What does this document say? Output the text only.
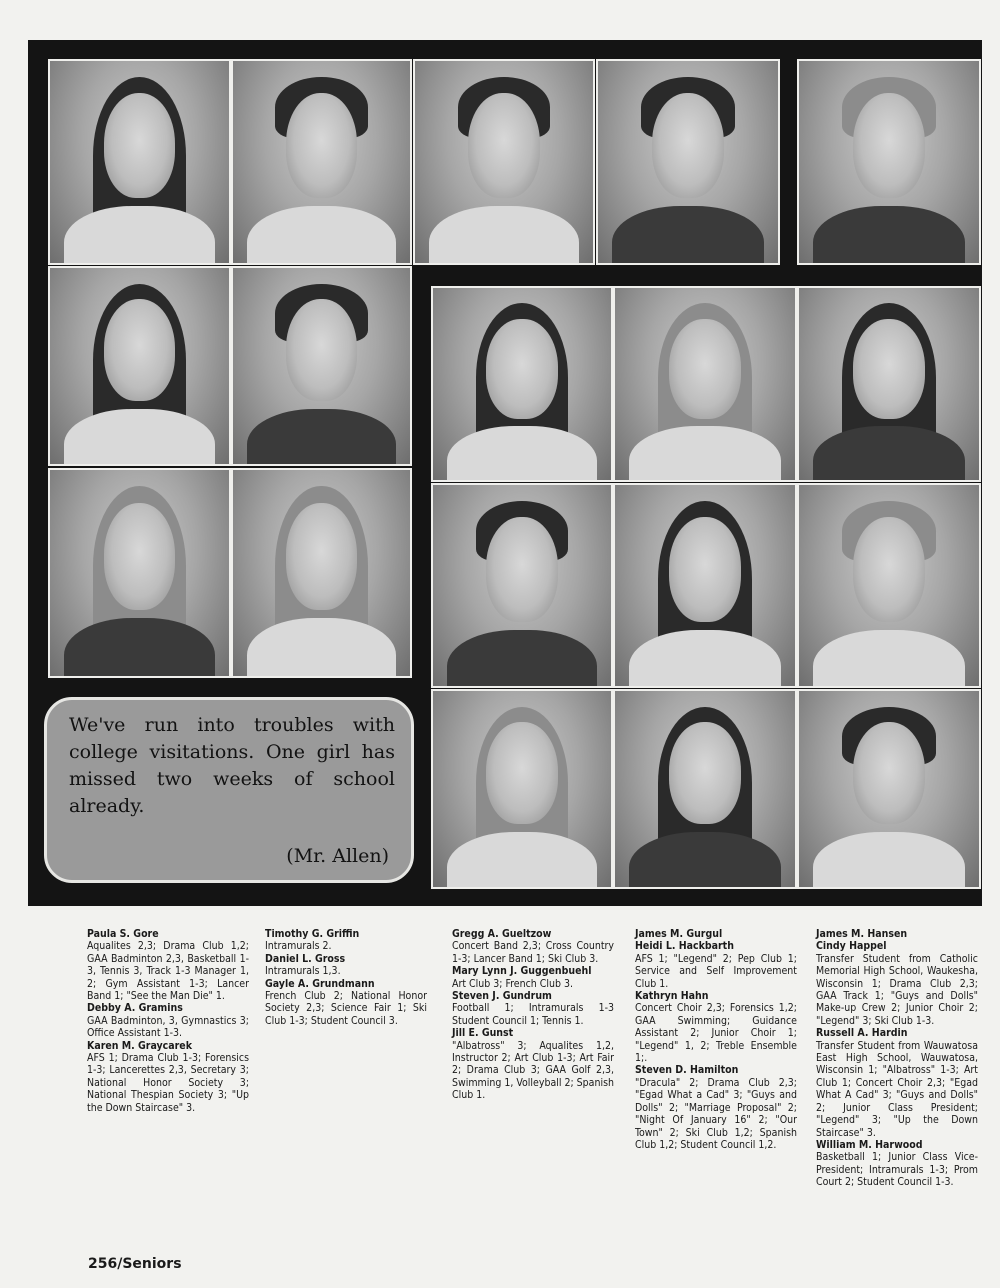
We've run into troubles with college visitations. One girl has missed two weeks of school already.
(Mr. Allen)
Paula S. Gore
Aqualites 2,3; Drama Club 1,2; GAA Badminton 2,3, Basketball 1-3, Tennis 3, Track 1-3 Manager 1, 2; Gym Assistant 1-3; Lancer Band 1; "See the Man Die" 1.
Debby A. Gramins
GAA Badminton, 3, Gymnastics 3; Office Assistant 1-3.
Karen M. Graycarek
AFS 1; Drama Club 1-3; Forensics 1-3; Lancerettes 2,3, Secretary 3; National Honor Society 3; National Thespian Society 3; "Up the Down Staircase" 3.
Timothy G. Griffin
Intramurals 2.
Daniel L. Gross
Intramurals 1,3.
Gayle A. Grundmann
French Club 2; National Honor Society 2,3; Science Fair 1; Ski Club 1-3; Student Council 3.
Gregg A. Gueltzow
Concert Band 2,3; Cross Country 1-3; Lancer Band 1; Ski Club 3.
Mary Lynn J. Guggenbuehl
Art Club 3; French Club 3.
Steven J. Gundrum
Football 1; Intramurals 1-3 Student Council 1; Tennis 1.
Jill E. Gunst
"Albatross" 3; Aqualites 1,2, Instructor 2; Art Club 1-3; Art Fair 2; Drama Club 3; GAA Golf 2,3, Swimming 1, Volleyball 2; Spanish Club 1.
James M. Gurgul
Heidi L. Hackbarth
AFS 1; "Legend" 2; Pep Club 1; Service and Self Improvement Club 1.
Kathryn Hahn
Concert Choir 2,3; Forensics 1,2; GAA Swimming; Guidance Assistant 2; Junior Choir 1; "Legend" 1, 2; Treble Ensemble 1;.
Steven D. Hamilton
"Dracula" 2; Drama Club 2,3; "Egad What a Cad" 3; "Guys and Dolls" 2; "Marriage Proposal" 2; "Night Of January 16" 2; "Our Town" 2; Ski Club 1,2; Spanish Club 1,2; Student Council 1,2.
James M. Hansen
Cindy Happel
Transfer Student from Catholic Memorial High School, Waukesha, Wisconsin 1; Drama Club 2,3; GAA Track 1; "Guys and Dolls" Make-up Crew 2; Junior Choir 2; "Legend" 3; Ski Club 1-3.
Russell A. Hardin
Transfer Student from Wauwatosa East High School, Wauwatosa, Wisconsin 1; "Albatross" 1-3; Art Club 1; Concert Choir 2,3; "Egad What A Cad" 3; "Guys and Dolls" 2; Junior Class President; "Legend" 3; "Up the Down Staircase" 3.
William M. Harwood
Basketball 1; Junior Class Vice-President; Intramurals 1-3; Prom Court 2; Student Council 1-3.
256/Seniors
